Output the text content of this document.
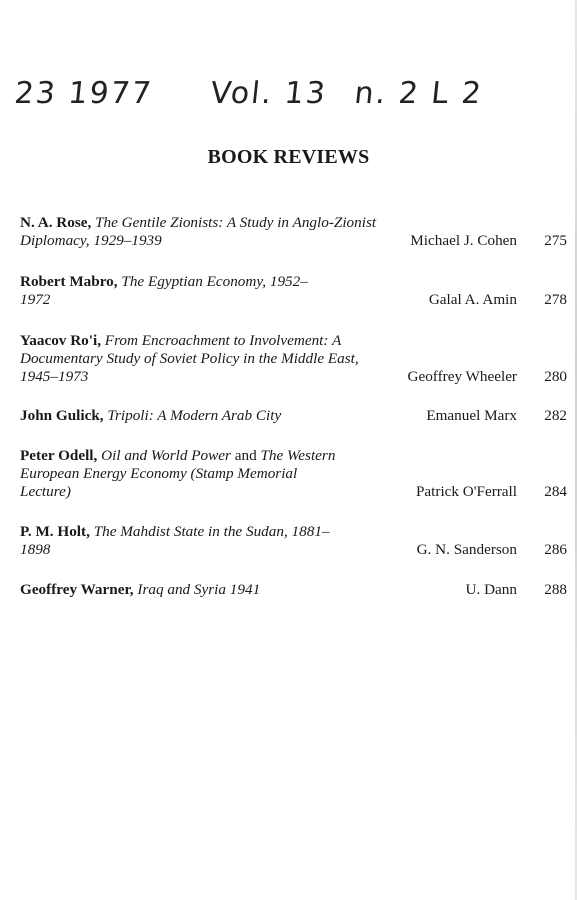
23 1977 Vol. 13 n. 2 L 2
BOOK REVIEWS
N. A. Rose, The Gentile Zionists: A Study in Anglo-Zionist Diplomacy, 1929–1939	Michael J. Cohen 275
Robert Mabro, The Egyptian Economy, 1952–1972	Galal A. Amin 278
Yaacov Ro'i, From Encroachment to Involvement: A Documentary Study of Soviet Policy in the Middle East, 1945–1973	Geoffrey Wheeler 280
John Gulick, Tripoli: A Modern Arab City	Emanuel Marx 282
Peter Odell, Oil and World Power and The Western European Energy Economy (Stamp Memorial Lecture)	Patrick O'Ferrall 284
P. M. Holt, The Mahdist State in the Sudan, 1881–1898	G. N. Sanderson 286
Geoffrey Warner, Iraq and Syria 1941	U. Dann 288
